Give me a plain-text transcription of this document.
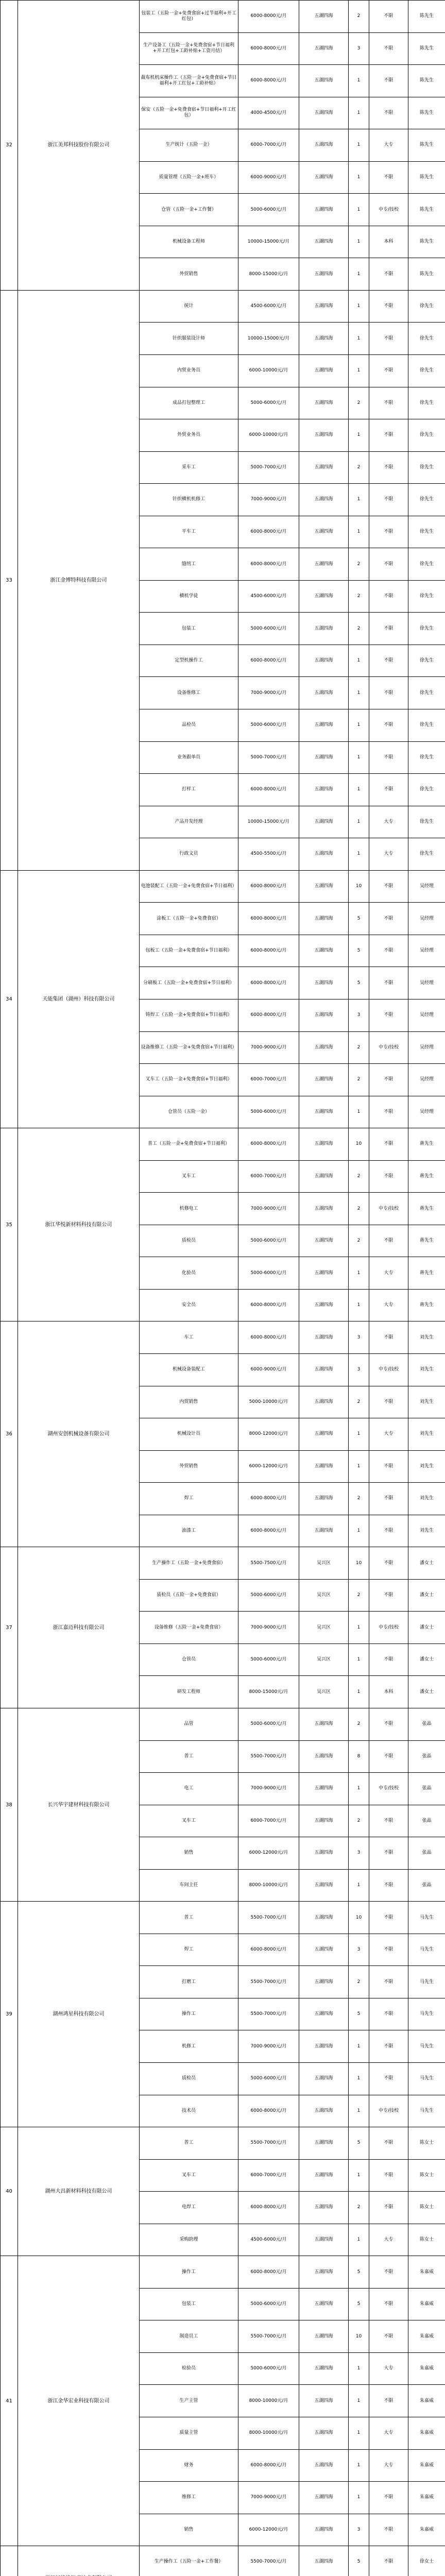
32	浙江美邦科技股份有限公司	包装工（五险一金+免费食宿+过节福利+开工红包）	6000-8000元/月	五湖四海	2	不限	陈先生
		生产设备工（五险一金+免费食宿+节日福利+开工红包+工龄补贴+工资月结）	6000-8000元/月	五湖四海	3	不限	陈先生
		裁布机机床操作工（五险一金+免费食宿+节日福利+开工红包+工龄补贴）	6000-8000元/月	五湖四海	1	不限	陈先生
		保安（五险一金+免费食宿+节日福利+开工红包）	4000-4500元/月	五湖四海	1	不限	陈先生
		生产统计（五险一金）	6000-7000元/月	五湖四海	1	大专	陈先生
		质量管理（五险一金+班车）	6000-9000元/月	五湖四海	1	不限	陈先生
		仓管（五险一金+工作餐）	5000-6000元/月	五湖四海	1	中专/技校	陈先生
		机械设备工程师	10000-15000元/月	五湖四海	1	本科	陈先生
		外贸销售	8000-15000元/月	五湖四海	1	不限	陈先生
33	浙江金博特科技有限公司	统计	4500-6000元/月	五湖四海	1	不限	徐先生
		针织服装设计师	10000-15000元/月	五湖四海	1	不限	徐先生
		内贸业务员	6000-10000元/月	五湖四海	1	不限	徐先生
		成品打包整理工	5000-6000元/月	五湖四海	2	不限	徐先生
		外贸业务员	6000-10000元/月	五湖四海	1	不限	徐先生
		采车工	5000-7000元/月	五湖四海	2	不限	徐先生
		针织横机机修工	7000-9000元/月	五湖四海	1	不限	徐先生
		平车工	6000-8000元/月	五湖四海	1	不限	徐先生
		缝纫工	6000-8000元/月	五湖四海	2	不限	徐先生
		横机学徒	4500-6000元/月	五湖四海	2	不限	徐先生
		包装工	5000-6000元/月	五湖四海	2	不限	徐先生
		定型机操作工	6000-8000元/月	五湖四海	1	不限	徐先生
		设备维修工	7000-9000元/月	五湖四海	1	不限	徐先生
		品检员	5000-6000元/月	五湖四海	1	不限	徐先生
		业务跟单员	5000-7000元/月	五湖四海	1	不限	徐先生
		打样工	6000-8000元/月	五湖四海	1	不限	徐先生
		产品开发经理	10000-15000元/月	五湖四海	1	大专	徐先生
		行政文员	4500-5500元/月	五湖四海	1	大专	徐先生
34	天能集团（湖州）科技有限公司	电池装配工（五险一金+免费食宿+节日福利）	6000-8000元/月	五湖四海	10	不限	吴经理
		涂板工（五险一金+免费食宿）	6000-8000元/月	五湖四海	5	不限	吴经理
		包板工（五险一金+免费食宿+节日福利）	6000-8000元/月	五湖四海	5	不限	吴经理
		分刷板工（五险一金+免费食宿+节日福利）	6000-8000元/月	五湖四海	5	不限	吴经理
		铸焊工（五险一金+免费食宿+节日福利）	6000-8000元/月	五湖四海	3	不限	吴经理
		设备维修工（五险一金+免费食宿+节日福利）	7000-9000元/月	五湖四海	2	中专/技校	吴经理
		叉车工（五险一金+免费食宿+节日福利）	6000-7000元/月	五湖四海	2	不限	吴经理
		仓管员（五险一金）	5000-6000元/月	五湖四海	1	不限	吴经理
35	浙江华悦新材料科技有限公司	普工（五险一金+免费食宿+节日福利）	6000-8000元/月	五湖四海	10	不限	蒋先生
		叉车工	6000-7000元/月	五湖四海	2	不限	蒋先生
		机修电工	7000-9000元/月	五湖四海	2	中专/技校	蒋先生
		质检员	5000-6000元/月	五湖四海	2	不限	蒋先生
		化验员	5000-6000元/月	五湖四海	1	大专	蒋先生
		安全员	6000-8000元/月	五湖四海	1	大专	蒋先生
36	湖州安创机械设备有限公司	车工	6000-8000元/月	五湖四海	3	不限	刘先生
		机械设备装配工	6000-9000元/月	五湖四海	3	中专/技校	刘先生
		内贸销售	5000-10000元/月	五湖四海	2	不限	刘先生
		机械设计员	8000-12000元/月	五湖四海	1	大专	刘先生
		外贸销售	6000-12000元/月	五湖四海	1	不限	刘先生
		焊工	6000-8000元/月	五湖四海	2	不限	刘先生
		油漆工	6000-8000元/月	五湖四海	1	不限	刘先生
37	浙江嘉迈科技有限公司	生产操作工（五险一金+免费食宿）	5500-7500元/月	吴兴区	10	不限	潘女士
		质检员（五险一金+免费食宿）	5000-6000元/月	吴兴区	2	不限	潘女士
		设备维修（五险一金+免费食宿）	7000-9000元/月	吴兴区	1	中专/技校	潘女士
		仓管员	5000-6000元/月	吴兴区	1	不限	潘女士
		研发工程师	8000-15000元/月	吴兴区	1	本科	潘女士
38	长兴华宇建材科技有限公司	品管	5000-6000元/月	五湖四海	2	不限	张晶
		普工	5500-7000元/月	五湖四海	8	不限	张晶
		电工	7000-9000元/月	五湖四海	1	中专/技校	张晶
		叉车工	6000-7000元/月	五湖四海	2	不限	张晶
		销售	6000-12000元/月	五湖四海	3	不限	张晶
		车间主任	8000-10000元/月	五湖四海	1	不限	张晶
39	湖州鸿星科技有限公司	普工	5500-7000元/月	五湖四海	10	不限	马先生
		焊工	6000-8000元/月	五湖四海	3	不限	马先生
		打磨工	5500-7000元/月	五湖四海	2	不限	马先生
		操作工	5500-7000元/月	五湖四海	5	不限	马先生
		机修工	7000-9000元/月	五湖四海	1	不限	马先生
		质检员	5000-6000元/月	五湖四海	1	不限	马先生
		技术员	6000-8000元/月	五湖四海	1	中专/技校	马先生
40	湖州大昌新材料科技有限公司	普工	5500-7000元/月	五湖四海	5	不限	陈女士
		叉车工	6000-7000元/月	五湖四海	1	不限	陈女士
		电焊工	6000-8000元/月	五湖四海	2	不限	陈女士
		采购助理	4500-6000元/月	五湖四海	1	大专	陈女士
41	浙江金华宏业科技有限公司	操作工	6000-8000元/月	五湖四海	5	不限	朱嘉威
		包装工	5000-6000元/月	五湖四海	5	不限	朱嘉威
		制造员工	5500-7000元/月	五湖四海	10	不限	朱嘉威
		检验员	5000-6000元/月	五湖四海	1	大专	朱嘉威
		生产主管	8000-10000元/月	五湖四海	1	不限	朱嘉威
		质量主管	8000-10000元/月	五湖四海	1	大专	朱嘉威
		财务	6000-8000元/月	五湖四海	1	大专	朱嘉威
		维修工	7000-9000元/月	五湖四海	1	不限	朱嘉威
		销售	6000-12000元/月	五湖四海	3	不限	朱嘉威
		生产操作工（五险一金+工作餐）	5500-7000元/月	五湖四海	5	不限	徐女士
